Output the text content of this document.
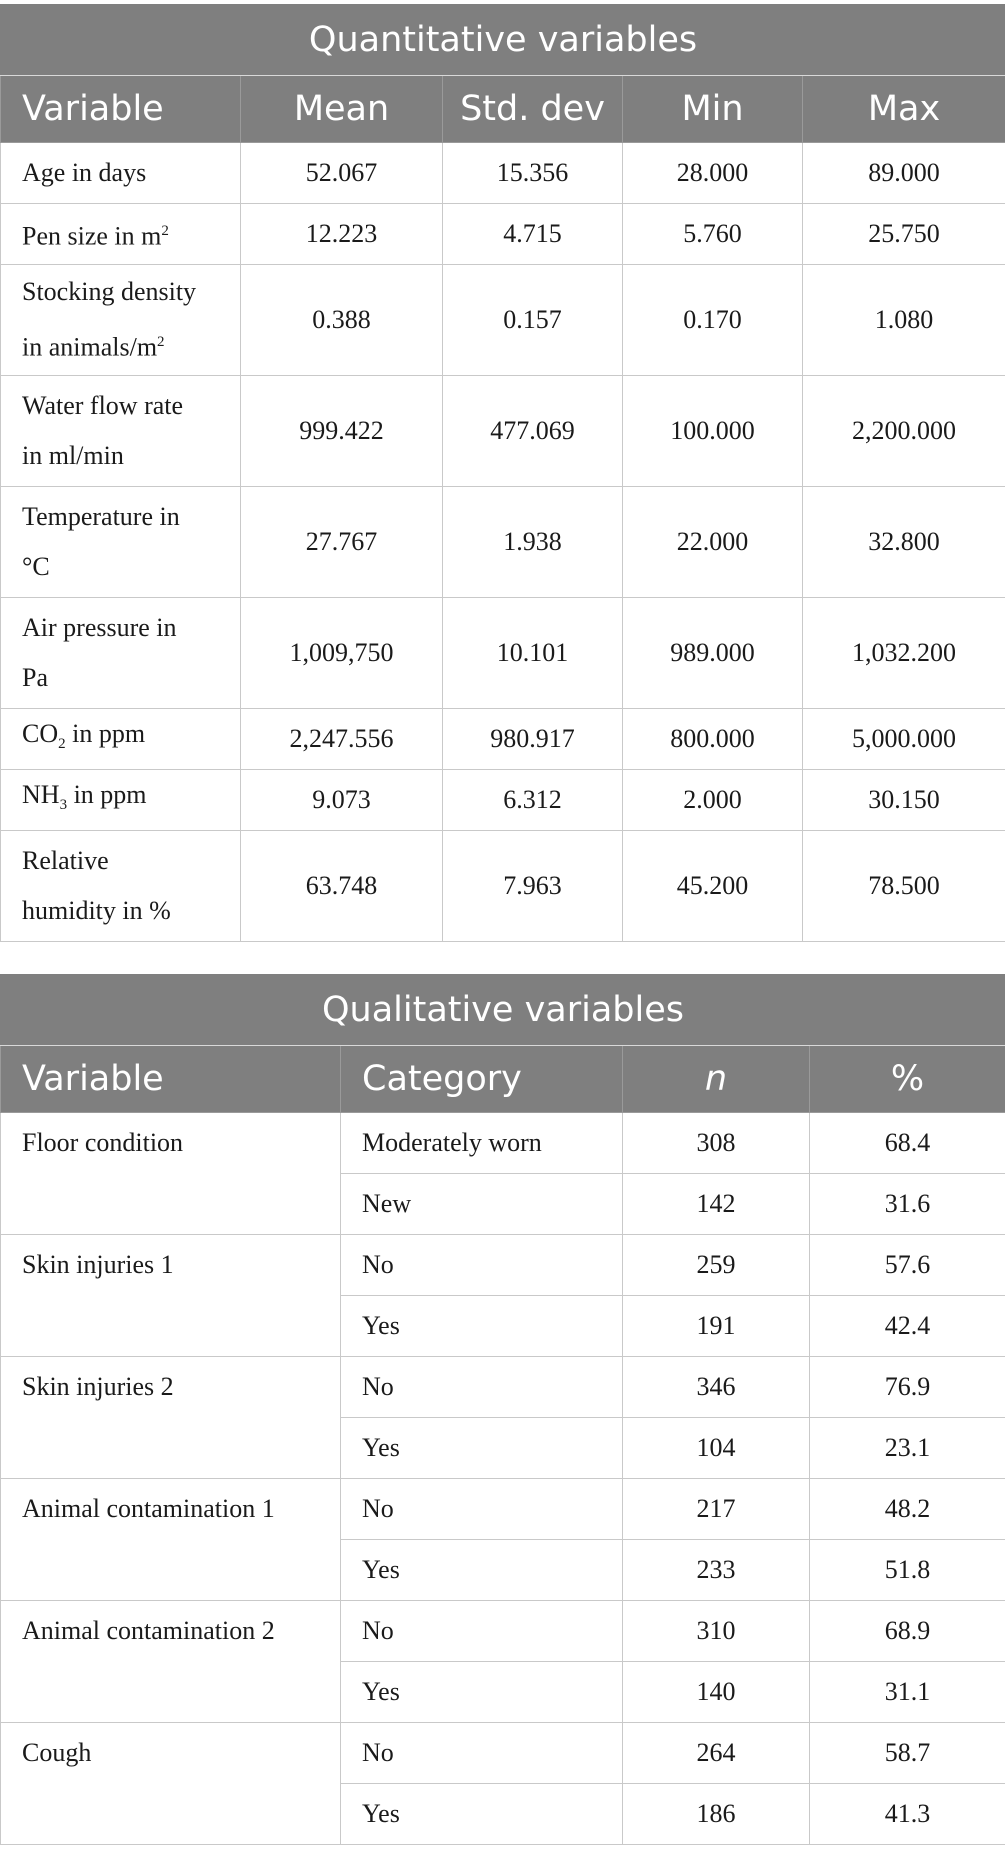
Quantitative variables				
Variable	Mean	Std. dev	Min	Max
Age in days	52.067	15.356	28.000	89.000
Pen size in $m^2$	12.223	4.715	5.760	25.750
Stocking density
in animals/$m^2$	0.388	0.157	0.170	1.080
Water flow rate
in ml/min	999.422	477.069	100.000	2,200.000
Temperature in
°C	27.767	1.938	22.000	32.800
Air pressure in
Pa	1,009,750	10.101	989.000	1,032.200
$CO_2$ in ppm	2,247.556	980.917	800.000	5,000.000
$NH_3$ in ppm	9.073	6.312	2.000	30.150
Relative
humidity in %	63.748	7.963	45.200	78.500
Qualitative variables			
Variable	Category	n	%
Floor condition	Moderately worn	308	68.4
	New	142	31.6
Skin injuries 1	No	259	57.6
	Yes	191	42.4
Skin injuries 2	No	346	76.9
	Yes	104	23.1
Animal contamination 1	No	217	48.2
	Yes	233	51.8
Animal contamination 2	No	310	68.9
	Yes	140	31.1
Cough	No	264	58.7
	Yes	186	41.3
